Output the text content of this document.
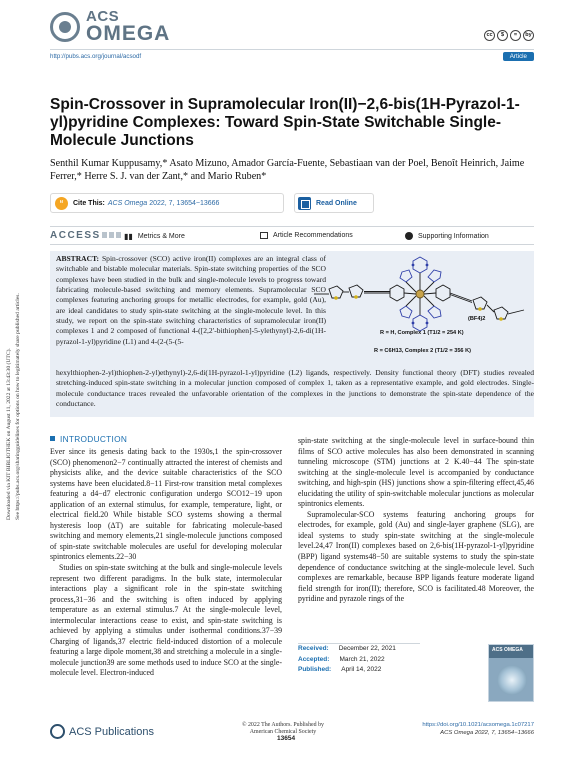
Downloaded via KIT BIBLIOTHEK on August 11, 2022 at 13:43:30 (UTC). See https://pubs.acs.org/sharingguidelines for options on how to legitimately share published articles.
ACS
OMEGA	cc	$	=	by
http://pubs.acs.org/journal/acsodf	Article
Spin-Crossover in Supramolecular Iron(II)−2,6-bis(1H-Pyrazol-1-yl)pyridine Complexes: Toward Spin-State Switchable Single-Molecule Junctions
Senthil Kumar Kuppusamy,* Asato Mizuno, Amador García-Fuente, Sebastiaan van der Poel, Benoît Heinrich, Jaime Ferrer,* Herre S. J. van der Zant,* and Mario Ruben*
“	Cite This: ACS Omega 2022, 7, 13654−13666	Read Online
ACCESS	▮▮ Metrics & More	Article Recommendations	Supporting Information
ABSTRACT: Spin-crossover (SCO) active iron(II) complexes are an integral class of switchable and bistable molecular materials. Spin-state switching properties of the SCO complexes have been studied in the bulk and single-molecule levels to progress toward fabricating molecule-based switching and memory elements. Supramolecular SCO complexes featuring anchoring groups for metallic electrodes, for example, gold (Au), are ideal candidates to study spin-state switching at the single-molecule level. In this study, we report on the spin-state switching characteristics of supramolecular iron(II) complexes 1 and 2 composed of functional 4-([2,2′-bithiophen]-5-ylethynyl)-2,6-di(1H-pyrazol-1-yl)pyridine (L1) and 4-(2-(5-(5-
hexylthiophen-2-yl)thiophen-2-yl)ethynyl)-2,6-di(1H-pyrazol-1-yl)pyridine (L2) ligands, respectively. Density functional theory (DFT) studies revealed stretching-induced spin-state switching in a molecular junction composed of complex 1, taken as a representative example, and gold electrodes. Single-molecule conductance traces revealed the unfavorable orientation of the complexes in the junctions to demonstrate the spin-state dependence of the conductance.
(BF4)2
R = H, Complex 1 (T1/2 = 254 K)
R = C6H13, Complex 2 (T1/2 = 356 K)
INTRODUCTION

Ever since its genesis dating back to the 1930s,1 the spin-crossover (SCO) phenomenon2−7 continually attracted the interest of chemists and physicists alike, and the device suitable characteristics of the SCO systems have been elucidated.8−11 First-row transition metal complexes featuring a d4−d7 electronic configuration undergo SCO12−19 upon application of an external stimulus, for example, temperature, light, or electrical field.20 While bistable SCO systems showing a thermal hysteresis loop (ΔT) are suitable for fabricating molecule-based switching and memory elements,21 single-molecule junctions composed of spin-state switchable molecules are useful for developing molecular spintronics elements.22−30

Studies on spin-state switching at the bulk and single-molecule levels represent two different paradigms. In the bulk state, intermolecular interactions play a significant role in the spin-state switching process,31−36 and the switching is often induced by applying temperature as an external stimulus.7 At the single-molecule level, intermolecular interactions cease to exist, and spin-state switching is achieved by applying a stimulus under isothermal conditions.37−39 Charging of ligands,37 electric field-induced distortion of a molecule featuring a large dipole moment,38 and stretching a molecule in a single-molecule junction39 are some methods used to induce SCO at the single-molecule level. Electron-induced

spin-state switching at the single-molecule level in surface-bound thin films of SCO active molecules has also been demonstrated in scanning tunneling microscope (STM) junctions at 2 K.40−44 The spin-state switching at the single-molecule level is accompanied by conductance switching, and high-spin (HS) junctions show a spin-filtering effect,45,46 elucidating the utility of spin-switchable molecular junctions as molecular spintronics elements.

Supramolecular-SCO systems featuring anchoring groups for electrodes, for example, gold (Au) and single-layer graphene (SLG), are ideal systems to study spin-state switching at the single-molecule level.24,47 Iron(II) complexes based on 2,6-bis(1H-pyrazol-1-yl)pyridine (BPP) ligand systems48−50 are suitable systems to study the spin-state dependence of conductance switching at the single-molecule level. Such complexes are remarkable, because BPP ligands feature moderate ligand field strength for iron(II); therefore, SCO is facilitated.48 Moreover, the pyridine and pyrazole rings of the

Received: December 22, 2021
Accepted: March 21, 2022
Published: April 14, 2022
ACS OMEGA
ACS Publications
© 2022 The Authors. Published by
American Chemical Society
13654
https://doi.org/10.1021/acsomega.1c07217
ACS Omega 2022, 7, 13654−13666
